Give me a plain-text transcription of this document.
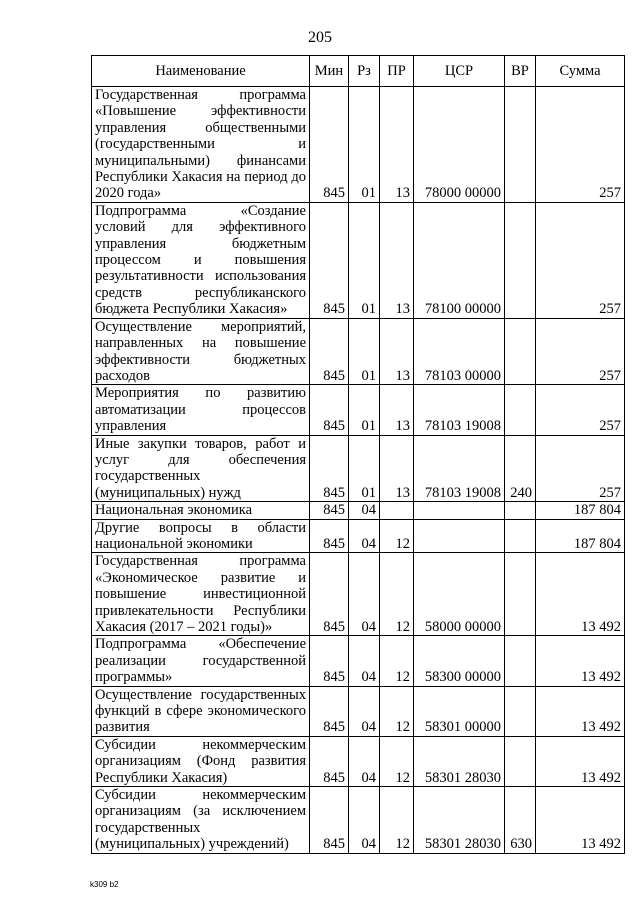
205
Наименование	Мин	Рз	ПР	ЦСР	ВР	Сумма
Государственная программа «Повышение эффективности управления общественными (государственными и муниципальными) финансами Республики Хакасия на период до 2020 года»	845	01	13	78000 00000		257
Подпрограмма «Создание условий для эффективного управления бюджетным процессом и повышения результативности использования средств республиканского бюджета Республики Хакасия»	845	01	13	78100 00000		257
Осуществление мероприятий, направленных на повышение эффективности бюджетных расходов	845	01	13	78103 00000		257
Мероприятия по развитию автоматизации процессов управления	845	01	13	78103 19008		257
Иные закупки товаров, работ и услуг для обеспечения государственных (муниципальных) нужд	845	01	13	78103 19008	240	257
Национальная экономика	845	04				187 804
Другие вопросы в области национальной экономики	845	04	12			187 804
Государственная программа «Экономическое развитие и повышение инвестиционной привлекательности Республики Хакасия (2017 – 2021 годы)»	845	04	12	58000 00000		13 492
Подпрограмма «Обеспечение реализации государственной программы»	845	04	12	58300 00000		13 492
Осуществление государственных функций в сфере экономического развития	845	04	12	58301 00000		13 492
Субсидии некоммерческим организациям (Фонд развития Республики Хакасия)	845	04	12	58301 28030		13 492
Субсидии некоммерческим организациям (за исключением государственных (муниципальных) учреждений)	845	04	12	58301 28030	630	13 492
k309 b2
